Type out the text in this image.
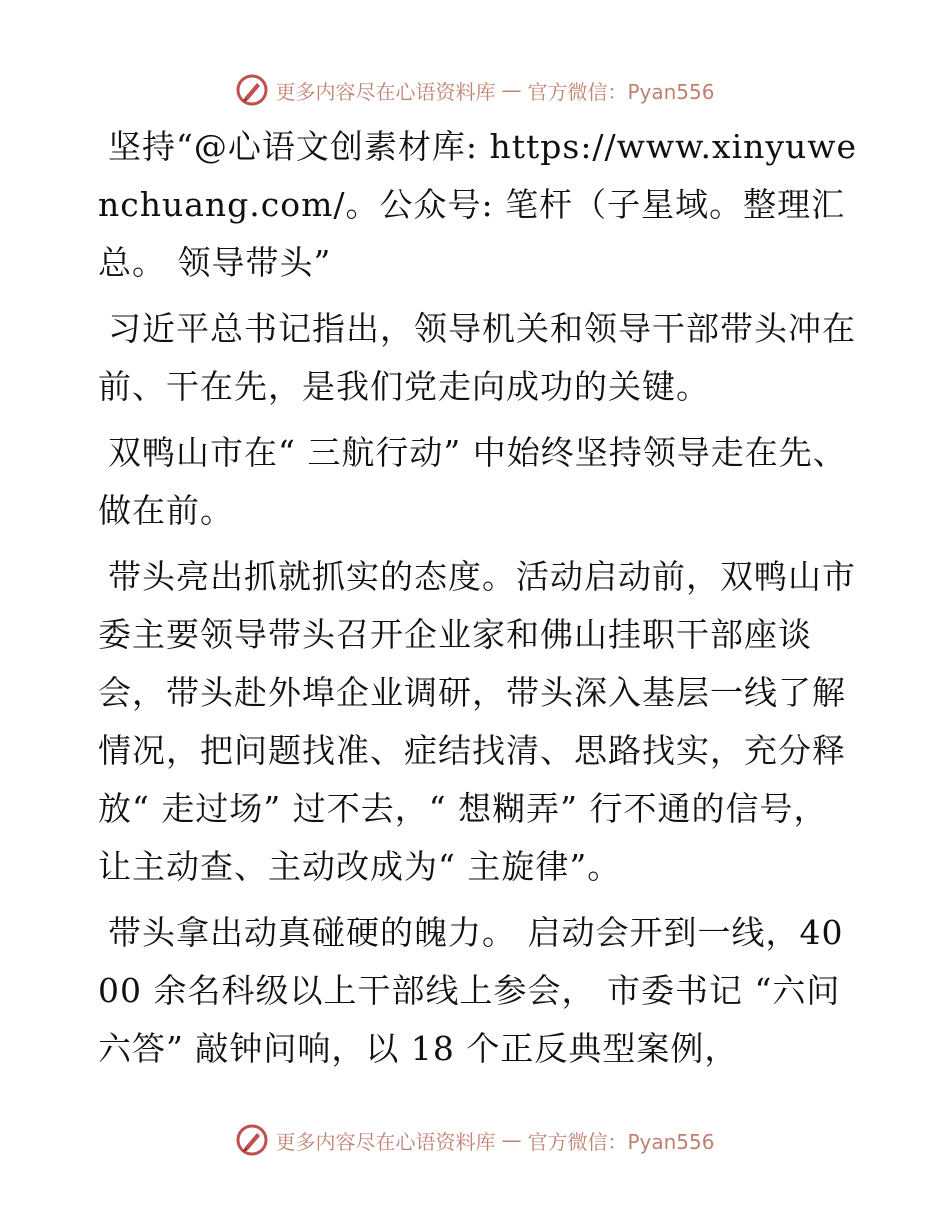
更多内容尽在心语资料库 — 官方微信：Pyan556

坚持“@心语文创素材库: https://www.xinyuwenchuang.com/。公众号: 笔杆（子星域。整理汇总。 领导带头”

习近平总书记指出，领导机关和领导干部带头冲在前、干在先，是我们党走向成功的关键。

双鸭山市在“ 三航行动” 中始终坚持领导走在先、做在前。

带头亮出抓就抓实的态度。活动启动前，双鸭山市委主要领导带头召开企业家和佛山挂职干部座谈会，带头赴外埠企业调研，带头深入基层一线了解情况，把问题找准、症结找清、思路找实，充分释放“ 走过场” 过不去，“ 想糊弄” 行不通的信号，让主动查、主动改成为“ 主旋律”。

带头拿出动真碰硬的魄力。 启动会开到一线，4000 余名科级以上干部线上参会， 市委书记 “六问六答” 敲钟问响，以 18 个正反典型案例，

更多内容尽在心语资料库 — 官方微信：Pyan556
